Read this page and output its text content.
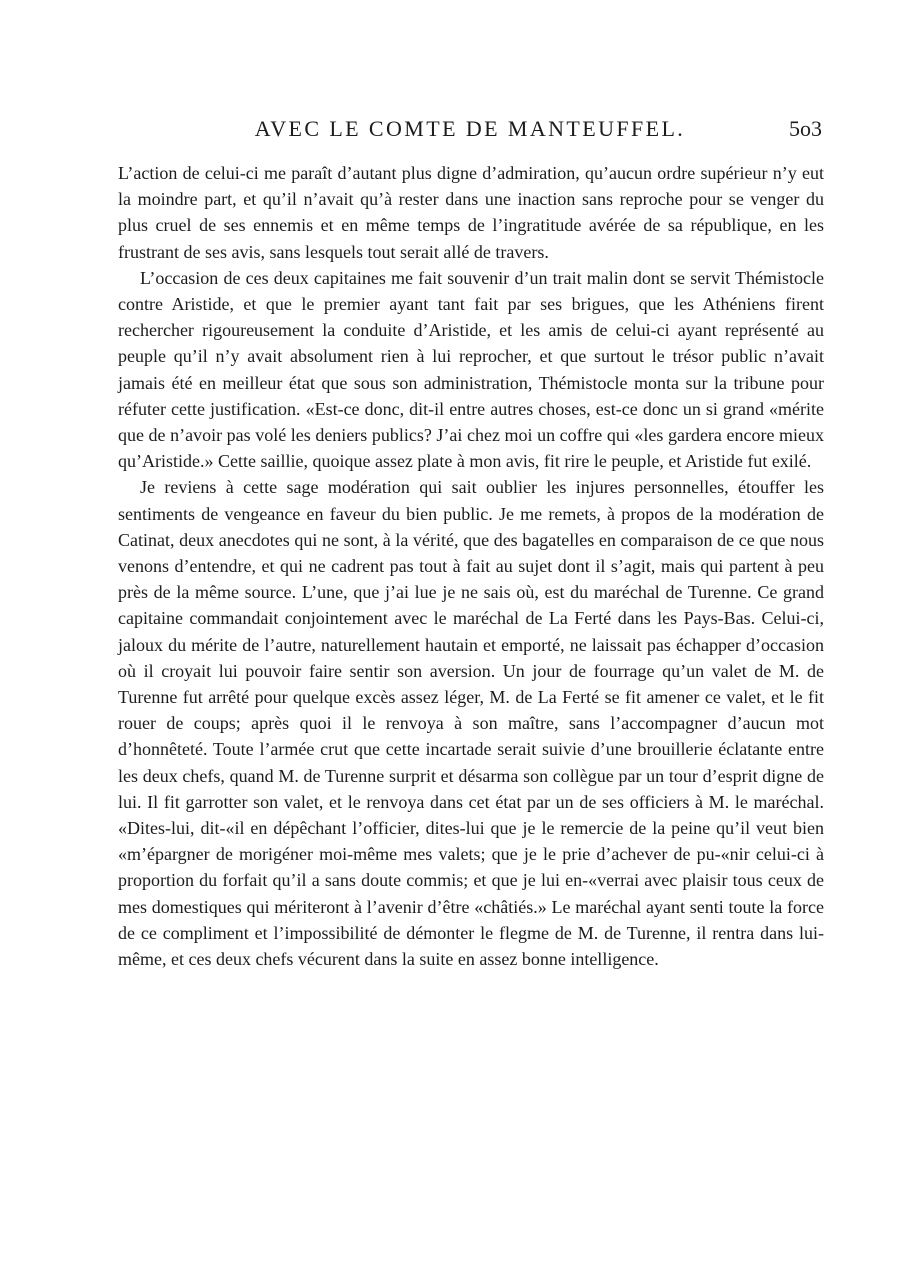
AVEC LE COMTE DE MANTEUFFEL.	5o3

L’action de celui-ci me paraît d’autant plus digne d’admiration, qu’aucun ordre supérieur n’y eut la moindre part, et qu’il n’avait qu’à rester dans une inaction sans reproche pour se venger du plus cruel de ses ennemis et en même temps de l’ingratitude avérée de sa république, en les frustrant de ses avis, sans lesquels tout serait allé de travers.

L’occasion de ces deux capitaines me fait souvenir d’un trait malin dont se servit Thémistocle contre Aristide, et que le premier ayant tant fait par ses brigues, que les Athéniens firent rechercher rigoureusement la conduite d’Aristide, et les amis de celui-ci ayant représenté au peuple qu’il n’y avait absolument rien à lui reprocher, et que surtout le trésor public n’avait jamais été en meilleur état que sous son administration, Thémistocle monta sur la tribune pour réfuter cette justification. «Est-ce donc, dit-il entre autres choses, est-ce donc un si grand «mérite que de n’avoir pas volé les deniers publics? J’ai chez moi un coffre qui «les gardera encore mieux qu’Aristide.» Cette saillie, quoique assez plate à mon avis, fit rire le peuple, et Aristide fut exilé.

Je reviens à cette sage modération qui sait oublier les injures personnelles, étouffer les sentiments de vengeance en faveur du bien public. Je me remets, à propos de la modération de Catinat, deux anecdotes qui ne sont, à la vérité, que des bagatelles en comparaison de ce que nous venons d’entendre, et qui ne cadrent pas tout à fait au sujet dont il s’agit, mais qui partent à peu près de la même source. L’une, que j’ai lue je ne sais où, est du maréchal de Turenne. Ce grand capitaine commandait conjointement avec le maréchal de La Ferté dans les Pays-Bas. Celui-ci, jaloux du mérite de l’autre, naturellement hautain et emporté, ne laissait pas échapper d’occasion où il croyait lui pouvoir faire sentir son aversion. Un jour de fourrage qu’un valet de M. de Turenne fut arrêté pour quelque excès assez léger, M. de La Ferté se fit amener ce valet, et le fit rouer de coups; après quoi il le renvoya à son maître, sans l’accompagner d’aucun mot d’honnêteté. Toute l’armée crut que cette incartade serait suivie d’une brouillerie éclatante entre les deux chefs, quand M. de Turenne surprit et désarma son collègue par un tour d’esprit digne de lui. Il fit garrotter son valet, et le renvoya dans cet état par un de ses officiers à M. le maréchal. «Dites-lui, dit-«il en dépêchant l’officier, dites-lui que je le remercie de la peine qu’il veut bien «m’épargner de morigéner moi-même mes valets; que je le prie d’achever de pu-«nir celui-ci à proportion du forfait qu’il a sans doute commis; et que je lui en-«verrai avec plaisir tous ceux de mes domestiques qui mériteront à l’avenir d’être «châtiés.» Le maréchal ayant senti toute la force de ce compliment et l’impossibilité de démonter le flegme de M. de Turenne, il rentra dans lui-même, et ces deux chefs vécurent dans la suite en assez bonne intelligence.
